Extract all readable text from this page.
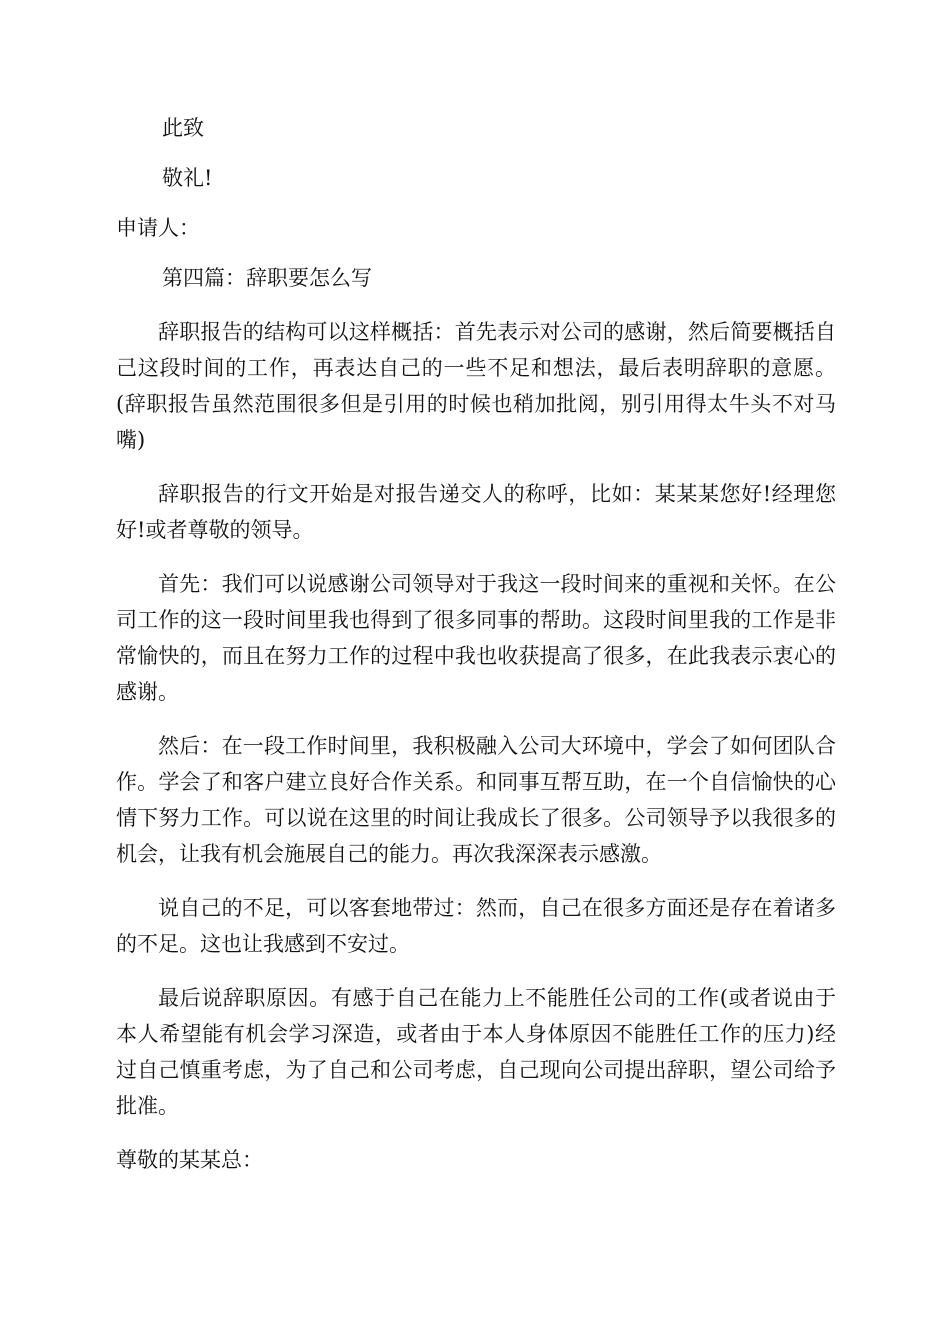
此致

敬礼!

申请人：

第四篇：辞职要怎么写

辞职报告的结构可以这样概括：首先表示对公司的感谢，然后简要概括自己这段时间的工作，再表达自己的一些不足和想法，最后表明辞职的意愿。(辞职报告虽然范围很多但是引用的时候也稍加批阅，别引用得太牛头不对马嘴)

辞职报告的行文开始是对报告递交人的称呼，比如：某某某您好!经理您好!或者尊敬的领导。

首先：我们可以说感谢公司领导对于我这一段时间来的重视和关怀。在公司工作的这一段时间里我也得到了很多同事的帮助。这段时间里我的工作是非常愉快的，而且在努力工作的过程中我也收获提高了很多，在此我表示衷心的感谢。

然后：在一段工作时间里，我积极融入公司大环境中，学会了如何团队合作。学会了和客户建立良好合作关系。和同事互帮互助，在一个自信愉快的心情下努力工作。可以说在这里的时间让我成长了很多。公司领导予以我很多的机会，让我有机会施展自己的能力。再次我深深表示感激。

说自己的不足，可以客套地带过：然而，自己在很多方面还是存在着诸多的不足。这也让我感到不安过。

最后说辞职原因。有感于自己在能力上不能胜任公司的工作(或者说由于本人希望能有机会学习深造，或者由于本人身体原因不能胜任工作的压力)经过自己慎重考虑，为了自己和公司考虑，自己现向公司提出辞职，望公司给予批准。

尊敬的某某总：
